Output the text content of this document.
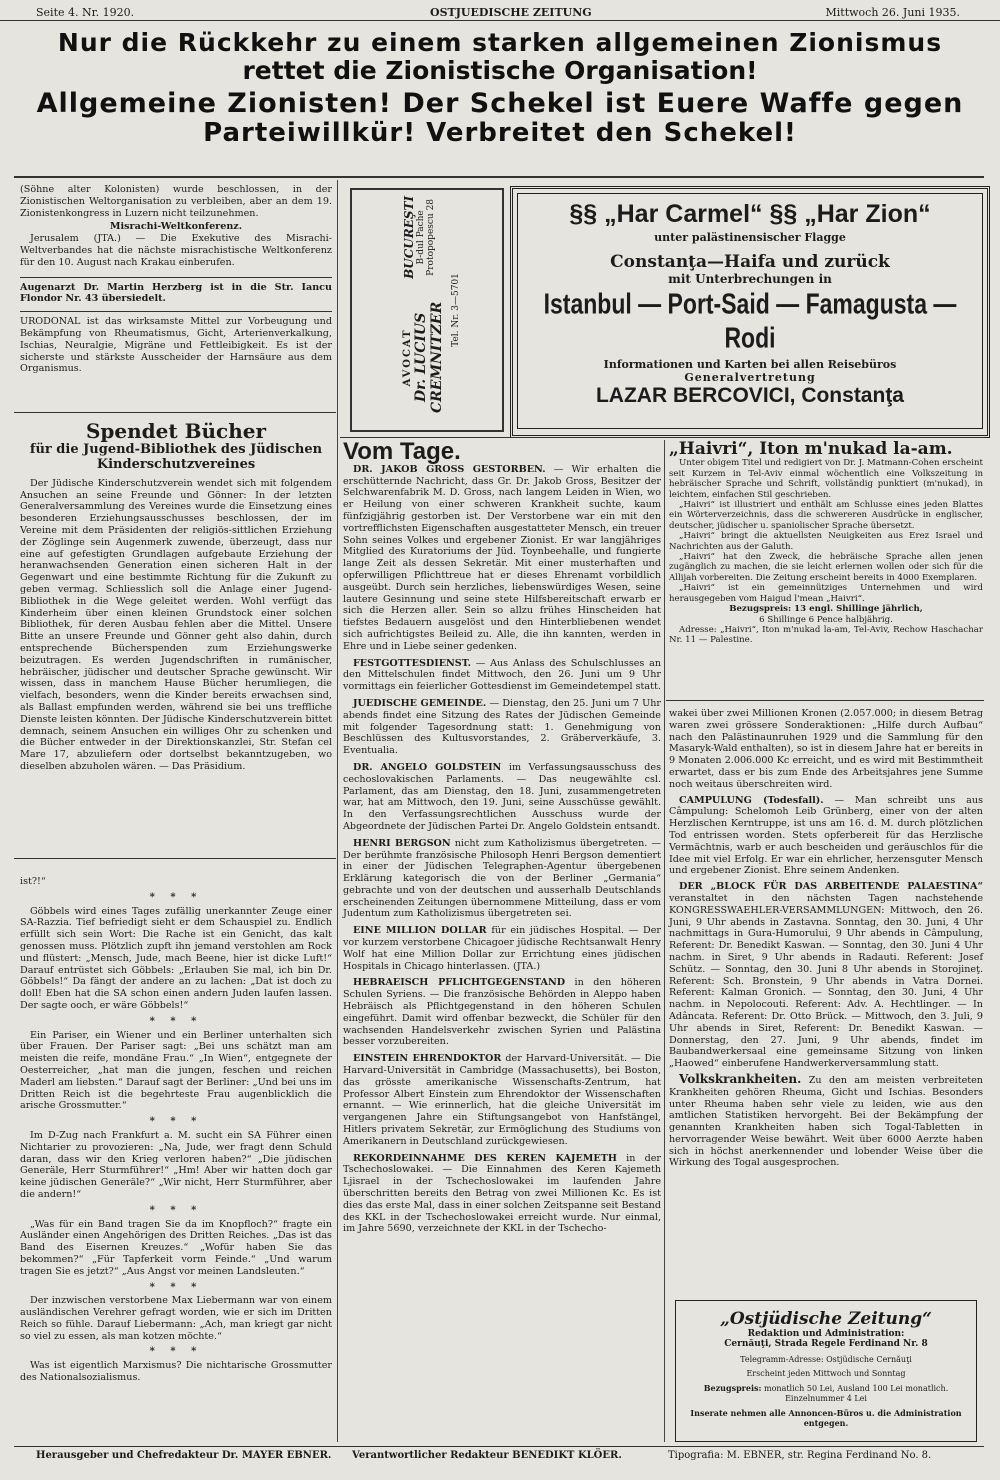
Seite 4. Nr. 1920.	OSTJUEDISCHE ZEITUNG	Mittwoch 26. Juni 1935.
Nur die Rückkehr zu einem starken allgemeinen Zionismus
rettet die Zionistische Organisation!
Allgemeine Zionisten! Der Schekel ist Euere Waffe gegen
Parteiwillkür! Verbreitet den Schekel!

(Söhne alter Kolonisten) wurde beschlossen, in der Zionistischen Weltorganisation zu verbleiben, aber an dem 19. Zionistenkongress in Luzern nicht teilzunehmen.

Misrachi-Weltkonferenz.

Jerusalem (JTA.) — Die Exekutive des Misrachi-Weltverbandes hat die nächste misrachistische Weltkonferenz für den 10. August nach Krakau einberufen.

Augenarzt Dr. Martin Herzberg ist in die Str. Iancu Flondor Nr. 43 übersiedelt.

URODONAL ist das wirksamste Mittel zur Vorbeugung und Bekämpfung von Rheumatismus, Gicht, Arterienverkalkung, Ischias, Neuralgie, Migräne und Fettleibigkeit. Es ist der sicherste und stärkste Ausscheider der Harnsäure aus dem Organismus.	AVOCAT Dr. LUCIUS CREMNITZER
BUCUREŞTI B-dul Pache Protopopescu 28
Tel. Nr. 3—5701
§§ „Har Carmel“ §§ „Har Zion“
unter palästinensischer Flagge
Constanţa—Haifa und zurück
mit Unterbrechungen in
Istanbul — Port-Said — Famagusta — Rodi
Informationen und Karten bei allen Reisebüros
Generalvertretung
LAZAR BERCOVICI, Constanţa
Spendet Bücher
für die Jugend-Bibliothek des Jüdischen Kinderschutzvereines

Der Jüdische Kinderschutzverein wendet sich mit folgendem Ansuchen an seine Freunde und Gönner: In der letzten Generalversammlung des Vereines wurde die Einsetzung eines besonderen Erziehungsausschusses beschlossen, der im Vereine mit dem Präsidenten der religiös-sittlichen Erziehung der Zöglinge sein Augenmerk zuwende, überzeugt, dass nur eine auf gefestigten Grundlagen aufgebaute Erziehung der heranwachsenden Generation einen sicheren Halt in der Gegenwart und eine bestimmte Richtung für die Zukunft zu geben vermag. Schliesslich soll die Anlage einer Jugend-Bibliothek in die Wege geleitet werden. Wohl verfügt das Kinderheim über einen kleinen Grundstock einer solchen Bibliothek, für deren Ausbau fehlen aber die Mittel. Unsere Bitte an unsere Freunde und Gönner geht also dahin, durch entsprechende Bücherspenden zum Erziehungswerke beizutragen. Es werden Jugendschriften in rumänischer, hebräischer, jüdischer und deutscher Sprache gewünscht. Wir wissen, dass in manchem Hause Bücher herumliegen, die vielfach, besonders, wenn die Kinder bereits erwachsen sind, als Ballast empfunden werden, während sie bei uns treffliche Dienste leisten könnten. Der Jüdische Kinderschutzverein bittet demnach, seinem Ansuchen ein williges Ohr zu schenken und die Bücher entweder in der Direktionskanzlei, Str. Stefan cel Mare 17, abzuliefern oder dortselbst bekanntzugeben, wo dieselben abzuholen wären. — Das Präsidium.

ist?!“

* * *

Göbbels wird eines Tages zufällig unerkannter Zeuge einer SA-Razzia. Tief befriedigt sieht er dem Schauspiel zu. Endlich erfüllt sich sein Wort: Die Rache ist ein Genicht, das kalt genossen muss. Plötzlich zupft ihn jemand verstohlen am Rock und flüstert: „Mensch, Jude, mach Beene, hier ist dicke Luft!“ Darauf entrüstet sich Göbbels: „Erlauben Sie mal, ich bin Dr. Göbbels!“ Da fängt der andere an zu lachen: „Dat ist doch zu doll! Eben hat die SA schon einen andern Juden laufen lassen. Der sagte ooch, er wäre Göbbels!“

* * *

Ein Pariser, ein Wiener und ein Berliner unterhalten sich über Frauen. Der Pariser sagt: „Bei uns schätzt man am meisten die reife, mondäne Frau.“ „In Wien“, entgegnete der Oesterreicher, „hat man die jungen, feschen und reichen Maderl am liebsten.“ Darauf sagt der Berliner: „Und bei uns im Dritten Reich ist die begehrteste Frau augenblicklich die arische Grossmutter.“

* * *

Im D-Zug nach Frankfurt a. M. sucht ein SA Führer einen Nichtarier zu provozieren: „Na, Jude, wer fragt denn Schuld daran, dass wir den Krieg verloren haben?“ „Die jüdischen Generäle, Herr Sturmführer!“ „Hm! Aber wir hatten doch gar keine jüdischen Generäle?“ „Wir nicht, Herr Sturmführer, aber die andern!“

* * *

„Was für ein Band tragen Sie da im Knopfloch?“ fragte ein Ausländer einen Angehörigen des Dritten Reiches. „Das ist das Band des Eisernen Kreuzes.“ „Wofür haben Sie das bekommen?“ „Für Tapferkeit vorm Feinde.“ „Und warum tragen Sie es jetzt?“ „Aus Angst vor meinen Landsleuten.“

* * *

Der inzwischen verstorbene Max Liebermann war von einem ausländischen Verehrer gefragt worden, wie er sich im Dritten Reich so fühle. Darauf Liebermann: „Ach, man kriegt gar nicht so viel zu essen, als man kotzen möchte.“

* * *

Was ist eigentlich Marxismus? Die nichtarische Grossmutter des Nationalsozialismus.

Vom Tage.

DR. JAKOB GROSS GESTORBEN. — Wir erhalten die erschütternde Nachricht, dass Gr. Dr. Jakob Gross, Besitzer der Selchwarenfabrik M. D. Gross, nach langem Leiden in Wien, wo er Heilung von einer schweren Krankheit suchte, kaum fünfzigjährig gestorben ist. Der Verstorbene war ein mit den vortrefflichsten Eigenschaften ausgestatteter Mensch, ein treuer Sohn seines Volkes und ergebener Zionist. Er war langjähriges Mitglied des Kuratoriums der Jüd. Toynbeehalle, und fungierte lange Zeit als dessen Sekretär. Mit einer musterhaften und opferwilligen Pflichttreue hat er dieses Ehrenamt vorbildlich ausgeübt. Durch sein herzliches, liebenswürdiges Wesen, seine lautere Gesinnung und seine stete Hilfsbereitschaft erwarb er sich die Herzen aller. Sein so allzu frühes Hinscheiden hat tiefstes Bedauern ausgelöst und den Hinterbliebenen wendet sich aufrichtigstes Beileid zu. Alle, die ihn kannten, werden in Ehre und in Liebe seiner gedenken.

FESTGOTTESDIENST. — Aus Anlass des Schulschlusses an den Mittelschulen findet Mittwoch, den 26. Juni um 9 Uhr vormittags ein feierlicher Gottesdienst im Gemeindetempel statt.

JUEDISCHE GEMEINDE. — Dienstag, den 25. Juni um 7 Uhr abends findet eine Sitzung des Rates der Jüdischen Gemeinde mit folgender Tagesordnung statt: 1. Genehmigung von Beschlüssen des Kultusvorstandes, 2. Gräberverkäufe, 3. Eventualia.

DR. ANGELO GOLDSTEIN im Verfassungsausschuss des cechoslovakischen Parlaments. — Das neugewählte csl. Parlament, das am Dienstag, den 18. Juni, zusammengetreten war, hat am Mittwoch, den 19. Juni, seine Ausschüsse gewählt. In den Verfassungsrechtlichen Ausschuss wurde der Abgeordnete der Jüdischen Partei Dr. Angelo Goldstein entsandt.

HENRI BERGSON nicht zum Katholizismus übergetreten. — Der berühmte französische Philosoph Henri Bergson dementiert in einer der Jüdischen Telegraphen-Agentur übergebenen Erklärung kategorisch die von der Berliner „Germania“ gebrachte und von der deutschen und ausserhalb Deutschlands erscheinenden Zeitungen übernommene Mitteilung, dass er vom Judentum zum Katholizismus übergetreten sei.

EINE MILLION DOLLAR für ein jüdisches Hospital. — Der vor kurzem verstorbene Chicagoer jüdische Rechtsanwalt Henry Wolf hat eine Million Dollar zur Errichtung eines jüdischen Hospitals in Chicago hinterlassen. (JTA.)

HEBRAEISCH PFLICHTGEGENSTAND in den höheren Schulen Syriens. — Die französische Behörden in Aleppo haben Hebräisch als Pflichtgegenstand in den höheren Schulen eingeführt. Damit wird offenbar bezweckt, die Schüler für den wachsenden Handelsverkehr zwischen Syrien und Palästina besser vorzubereiten.

EINSTEIN EHRENDOKTOR der Harvard-Universität. — Die Harvard-Universität in Cambridge (Massachusetts), bei Boston, das grösste amerikanische Wissenschafts-Zentrum, hat Professor Albert Einstein zum Ehrendoktor der Wissenschaften ernannt. — Wie erinnerlich, hat die gleiche Universität im vergangenen Jahre ein Stiftungsangebot von Hanfstängel, Hitlers privatem Sekretär, zur Ermöglichung des Studiums von Amerikanern in Deutschland zurückgewiesen.

REKORDEINNAHME DES KEREN KAJEMETH in der Tschechoslowakei. — Die Einnahmen des Keren Kajemeth Ljisrael in der Tschechoslowakei im laufenden Jahre überschritten bereits den Betrag von zwei Millionen Kc. Es ist dies das erste Mal, dass in einer solchen Zeitspanne seit Bestand des KKL in der Tschechoslowakei erreicht wurde. Nur einmal, im Jahre 5690, verzeichnete der KKL in der Tschecho-

„Haivri“, Iton m'nukad la-am.

Unter obigem Titel und redigiert von Dr. J. Matmann-Cohen erscheint seit Kurzem in Tel-Aviv einmal wöchentlich eine Volkszeitung in hebräischer Sprache und Schrift, vollständig punktiert (m'nukad), in leichtem, einfachen Stil geschrieben.

„Haivri“ ist illustriert und enthält am Schlusse eines jeden Blattes ein Wörterverzeichnis, dass die schwereren Ausdrücke in englischer, deutscher, jüdischer u. spaniolischer Sprache übersetzt.

„Haivri“ bringt die aktuellsten Neuigkeiten aus Erez Israel und Nachrichten aus der Galuth.

„Haivri“ hat den Zweck, die hebräische Sprache allen jenen zugänglich zu machen, die sie leicht erlernen wollen oder sich für die Allijah vorbereiten. Die Zeitung erscheint bereits in 4000 Exemplaren.

„Haivri“ ist ein gemeinnütziges Unternehmen und wird herausgegeben vom Haigud l'mean „Haivri“.

Bezugspreis: 13 engl. Shillinge jährlich,

6 Shillinge 6 Pence halbjährig.

Adresse: „Haivri“, Iton m'nukad la-am, Tel-Aviv, Rechow Haschachar Nr. 11 — Palestine.

wakei über zwei Millionen Kronen (2.057.000; in diesem Betrag waren zwei grössere Sonderaktionen: „Hilfe durch Aufbau“ nach den Palästinaunruhen 1929 und die Sammlung für den Masaryk-Wald enthalten), so ist in diesem Jahre hat er bereits in 9 Monaten 2.006.000 Kc erreicht, und es wird mit Bestimmtheit erwartet, dass er bis zum Ende des Arbeitsjahres jene Summe noch weitaus überschreiten wird.

CAMPULUNG (Todesfall). — Man schreibt uns aus Câmpulung: Schelomoh Leib Grünberg, einer von der alten Herzlischen Kerntruppe, ist uns am 16. d. M. durch plötzlichen Tod entrissen worden. Stets opferbereit für das Herzlische Vermächtnis, warb er auch bescheiden und geräuschlos für die Idee mit viel Erfolg. Er war ein ehrlicher, herzensguter Mensch und ergebener Zionist. Ehre seinem Andenken.

DER „BLOCK FÜR DAS ARBEITENDE PALAESTINA“ veranstaltet in den nächsten Tagen nachstehende KONGRESSWAEHLER-VERSAMMLUNGEN: Mittwoch, den 26. Juni, 9 Uhr abends in Zastavna. Sonntag, den 30. Juni, 4 Uhr nachmittags in Gura-Humorului, 9 Uhr abends in Câmpulung, Referent: Dr. Benedikt Kaswan. — Sonntag, den 30. Juni 4 Uhr nachm. in Siret, 9 Uhr abends in Radauti. Referent: Josef Schütz. — Sonntag, den 30. Juni 8 Uhr abends in Storojineţ. Referent: Sch. Bronstein, 9 Uhr abends in Vatra Dornei. Referent: Kalman Gronich. — Sonntag, den 30. Juni, 4 Uhr nachm. in Nepolocouti. Referent: Adv. A. Hechtlinger. — In Adâncata. Referent: Dr. Otto Brück. — Mittwoch, den 3. Juli, 9 Uhr abends in Siret, Referent: Dr. Benedikt Kaswan. — Donnerstag, den 27. Juni, 9 Uhr abends, findet im Baubandwerkersaal eine gemeinsame Sitzung von linken „Haowed“ einberufene Handwerkerversammlung statt.

Volkskrankheiten. Zu den am meisten verbreiteten Krankheiten gehören Rheuma, Gicht und Ischias. Besonders unter Rheuma haben sehr viele zu leiden, wie aus den amtlichen Statistiken hervorgeht. Bei der Bekämpfung der genannten Krankheiten haben sich Togal-Tabletten in hervorragender Weise bewährt. Weit über 6000 Aerzte haben sich in höchst anerkennender und lobender Weise über die Wirkung des Togal ausgesprochen.

„Ostjüdische Zeitung“
Redaktion und Administration:
Cernăuţi, Strada Regele Ferdinand Nr. 8
Telegramm-Adresse: Ostjüdische Cernăuţi
Erscheint jeden Mittwoch und Sonntag
Bezugspreis: monatlich 50 Lei, Ausland 100 Lei monatlich. Einzelnummer 4 Lei
Inserate nehmen alle Annoncen-Büros u. die Administration entgegen.
Herausgeber und Chefredakteur Dr. MAYER EBNER. Verantwortlicher Redakteur BENEDIKT KLÖER.	Tipografia: M. EBNER, str. Regina Ferdinand No. 8.
